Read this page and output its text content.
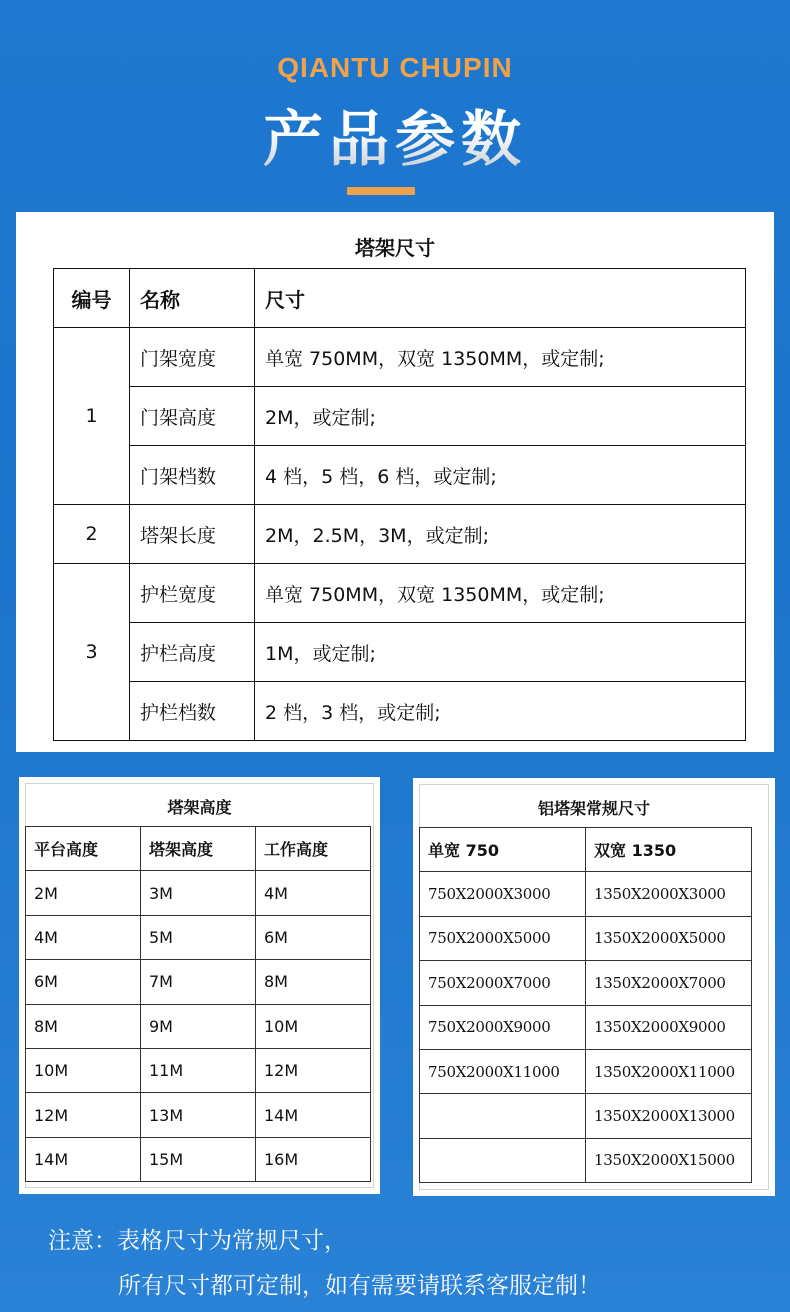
QIANTU CHUPIN
产品参数
塔架尺寸
编号	名称	尺寸
1	门架宽度	单宽 750MM，双宽 1350MM，或定制;
	门架高度	2M，或定制;
	门架档数	4 档，5 档，6 档，或定制;
2	塔架长度	2M，2.5M，3M，或定制;
3	护栏宽度	单宽 750MM，双宽 1350MM，或定制;
	护栏高度	1M，或定制;
	护栏档数	2 档，3 档，或定制;
塔架高度
平台高度	塔架高度	工作高度
2M	3M	4M
4M	5M	6M
6M	7M	8M
8M	9M	10M
10M	11M	12M
12M	13M	14M
14M	15M	16M
铝塔架常规尺寸
单宽 750	双宽 1350
750X2000X3000	1350X2000X3000
750X2000X5000	1350X2000X5000
750X2000X7000	1350X2000X7000
750X2000X9000	1350X2000X9000
750X2000X11000	1350X2000X11000
	1350X2000X13000
	1350X2000X15000
注意：表格尺寸为常规尺寸，
所有尺寸都可定制，如有需要请联系客服定制！
